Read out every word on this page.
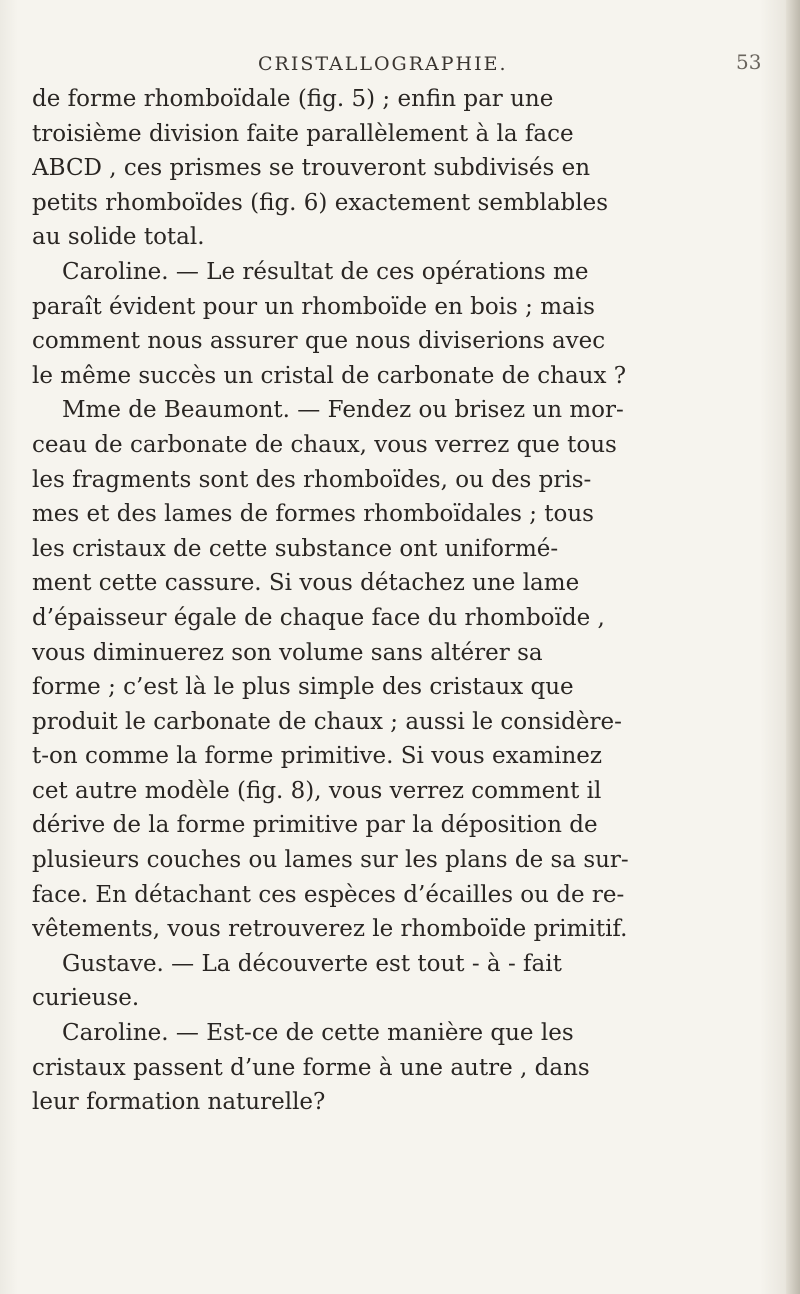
CRISTALLOGRAPHIE.	53
de forme rhomboïdale (fig. 5) ; enfin par une
troisième division faite parallèlement à la face
ABCD , ces prismes se trouveront subdivisés en
petits rhomboïdes (fig. 6) exactement semblables
au solide total.
Caroline. — Le résultat de ces opérations me
paraît évident pour un rhomboïde en bois ; mais
comment nous assurer que nous diviserions avec
le même succès un cristal de carbonate de chaux ?
Mme de Beaumont. — Fendez ou brisez un mor-
ceau de carbonate de chaux, vous verrez que tous
les fragments sont des rhomboïdes, ou des pris-
mes et des lames de formes rhomboïdales ; tous
les cristaux de cette substance ont uniformé-
ment cette cassure. Si vous détachez une lame
d’épaisseur égale de chaque face du rhomboïde ,
vous diminuerez son volume sans altérer sa
forme ; c’est là le plus simple des cristaux que
produit le carbonate de chaux ; aussi le considère-
t-on comme la forme primitive. Si vous examinez
cet autre modèle (fig. 8), vous verrez comment il
dérive de la forme primitive par la déposition de
plusieurs couches ou lames sur les plans de sa sur-
face. En détachant ces espèces d’écailles ou de re-
vêtements, vous retrouverez le rhomboïde primitif.
Gustave. — La découverte est tout - à - fait
curieuse.
Caroline. — Est-ce de cette manière que les
cristaux passent d’une forme à une autre , dans
leur formation naturelle?
